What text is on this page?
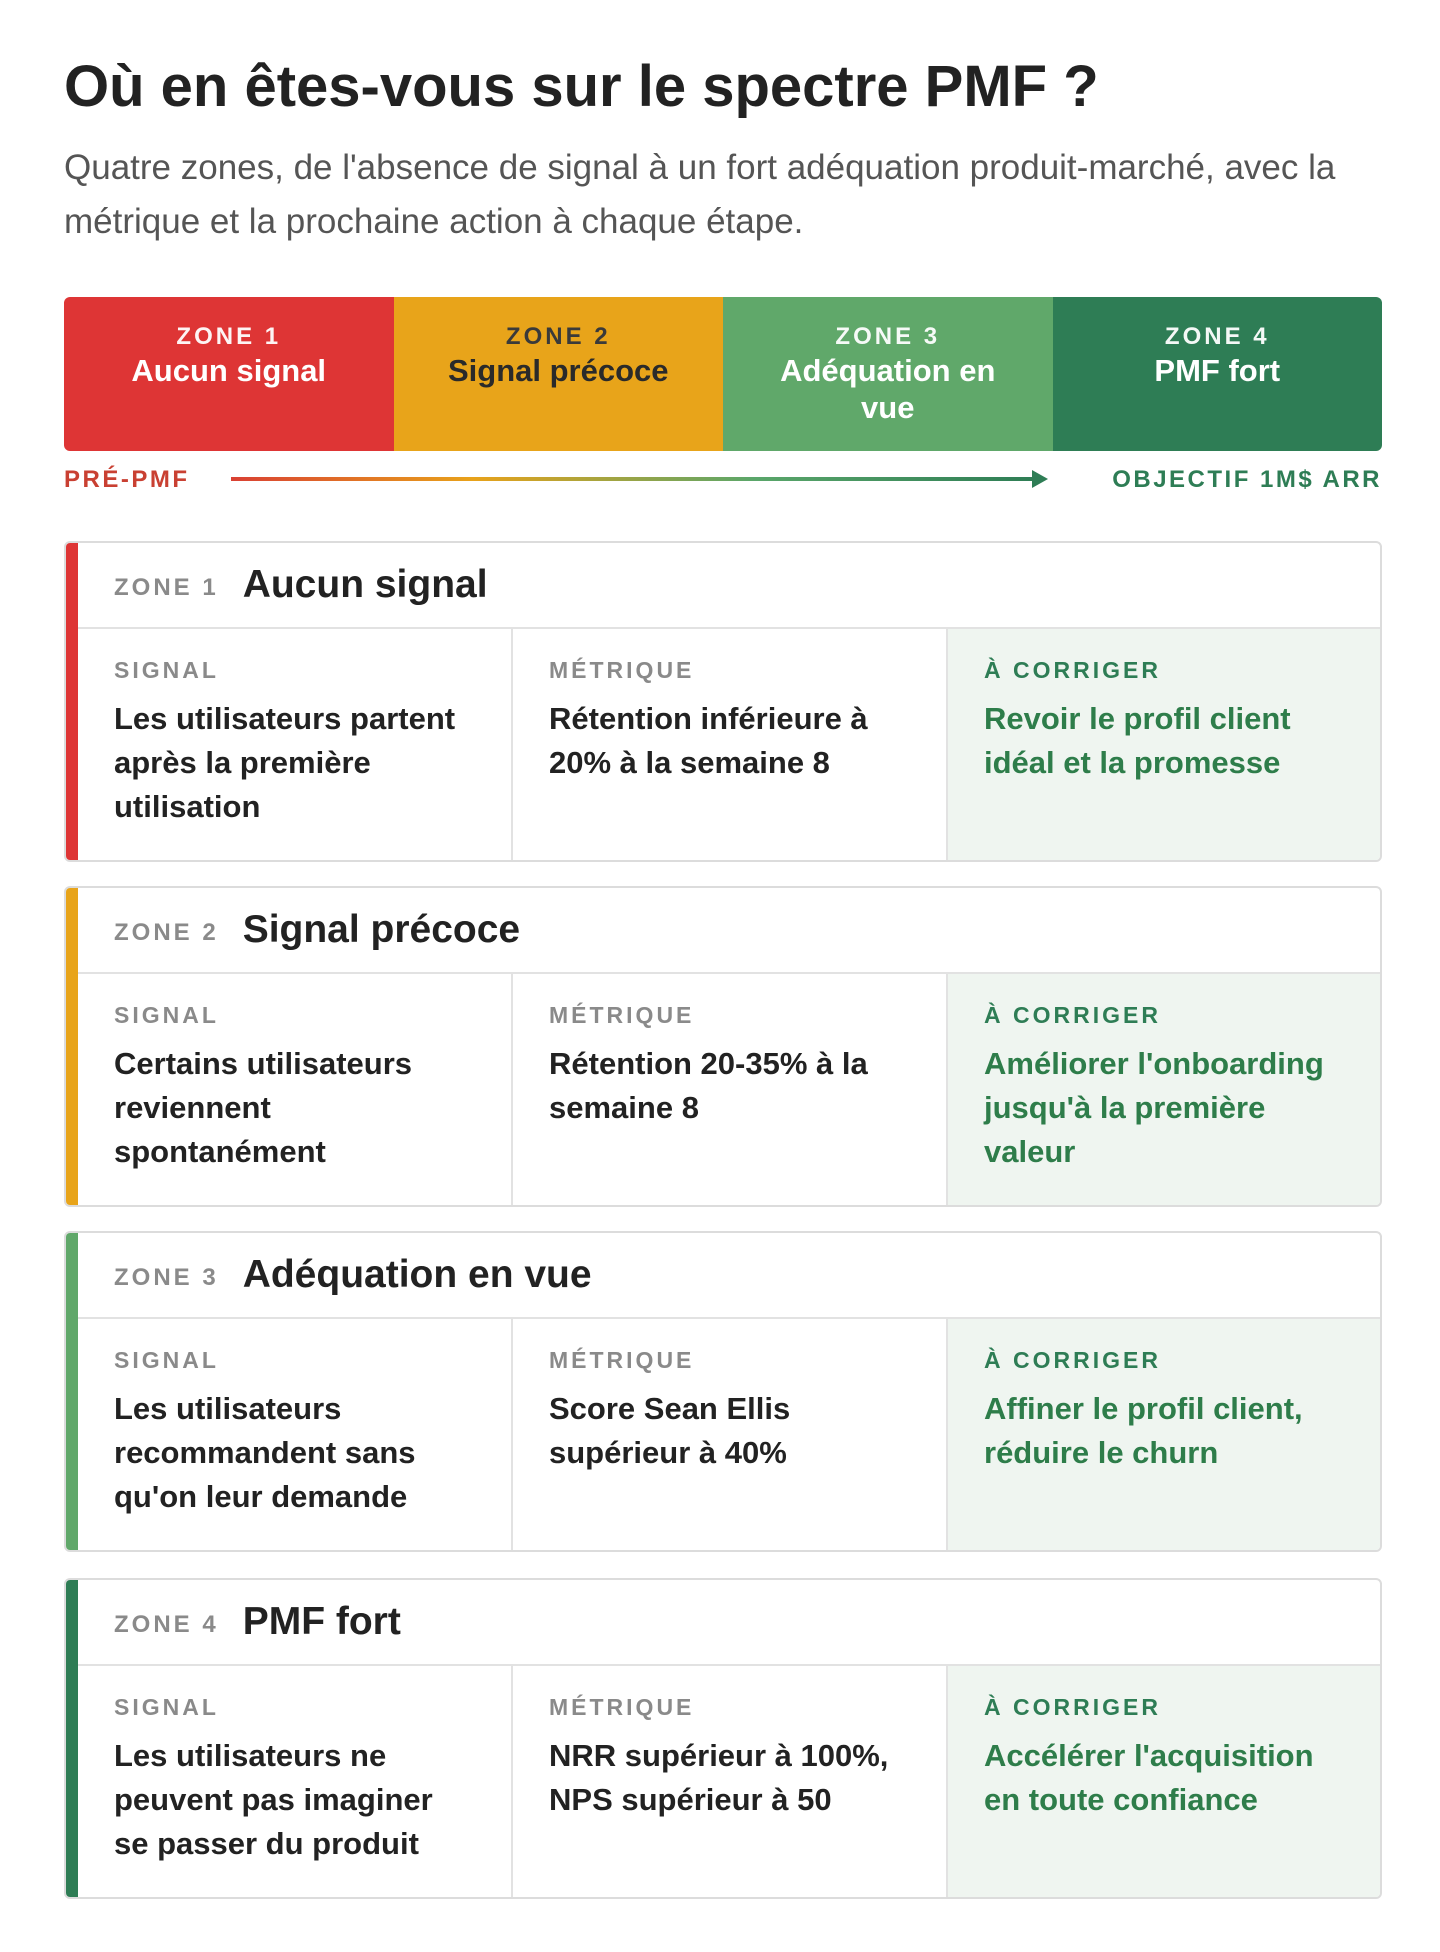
Où en êtes-vous sur le spectre PMF ?

Quatre zones, de l'absence de signal à un fort adéquation produit-marché, avec la métrique et la prochaine action à chaque étape.

ZONE 1
Aucun signal
ZONE 2
Signal précoce
ZONE 3
Adéquation en vue
ZONE 4
PMF fort
PRÉ-PMF	OBJECTIF 1M$ ARR
ZONE 1 Aucun signal
SIGNAL
Les utilisateurs partent après la première utilisation
MÉTRIQUE
Rétention inférieure à 20% à la semaine 8
À CORRIGER
Revoir le profil client idéal et la promesse
ZONE 2 Signal précoce
SIGNAL
Certains utilisateurs reviennent spontanément
MÉTRIQUE
Rétention 20-35% à la semaine 8
À CORRIGER
Améliorer l'onboarding jusqu'à la première valeur
ZONE 3 Adéquation en vue
SIGNAL
Les utilisateurs recommandent sans qu'on leur demande
MÉTRIQUE
Score Sean Ellis supérieur à 40%
À CORRIGER
Affiner le profil client, réduire le churn
ZONE 4 PMF fort
SIGNAL
Les utilisateurs ne peuvent pas imaginer se passer du produit
MÉTRIQUE
NRR supérieur à 100%, NPS supérieur à 50
À CORRIGER
Accélérer l'acquisition en toute confiance
